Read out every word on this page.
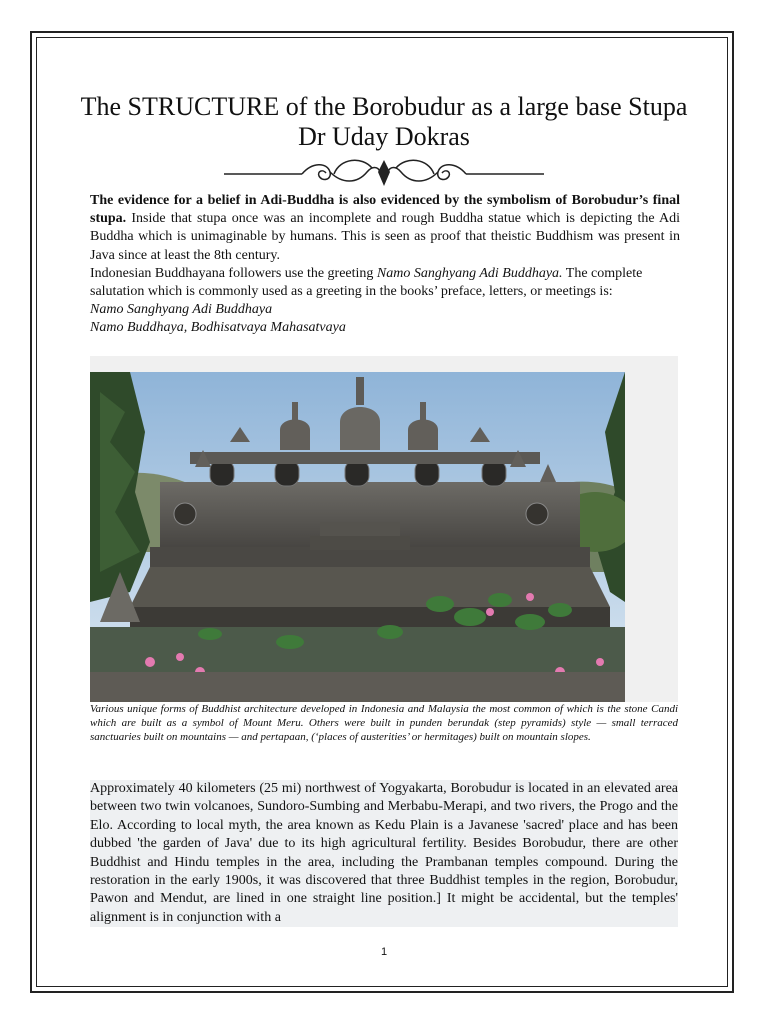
The STRUCTURE of the Borobudur as a large base Stupa
Dr Uday Dokras

The evidence for a belief in Adi-Buddha is also evidenced by the symbolism of Borobudur’s final stupa. Inside that stupa once was an incomplete and rough Buddha statue which is depicting the Adi Buddha which is unimaginable by humans. This is seen as proof that theistic Buddhism was present in Java since at least the 8th century.

Indonesian Buddhayana followers use the greeting Namo Sanghyang Adi Buddhaya. The complete salutation which is commonly used as a greeting in the books’ preface, letters, or meetings is:

Namo Sanghyang Adi Buddhaya

Namo Buddhaya, Bodhisatvaya Mahasatvaya

Various unique forms of Buddhist architecture developed in Indonesia and Malaysia the most common of which is the stone Candi which are built as a symbol of Mount Meru. Others were built in punden berundak (step pyramids) style — small terraced sanctuaries built on mountains — and pertapaan, (‘places of austerities’ or hermitages) built on mountain slopes.
Approximately 40 kilometers (25 mi) northwest of Yogyakarta, Borobudur is located in an elevated area between two twin volcanoes, Sundoro-Sumbing and Merbabu-Merapi, and two rivers, the Progo and the Elo. According to local myth, the area known as Kedu Plain is a Javanese 'sacred' place and has been dubbed 'the garden of Java' due to its high agricultural fertility. Besides Borobudur, there are other Buddhist and Hindu temples in the area, including the Prambanan temples compound. During the restoration in the early 1900s, it was discovered that three Buddhist temples in the region, Borobudur, Pawon and Mendut, are lined in one straight line position.] It might be accidental, but the temples' alignment is in conjunction with a
1
